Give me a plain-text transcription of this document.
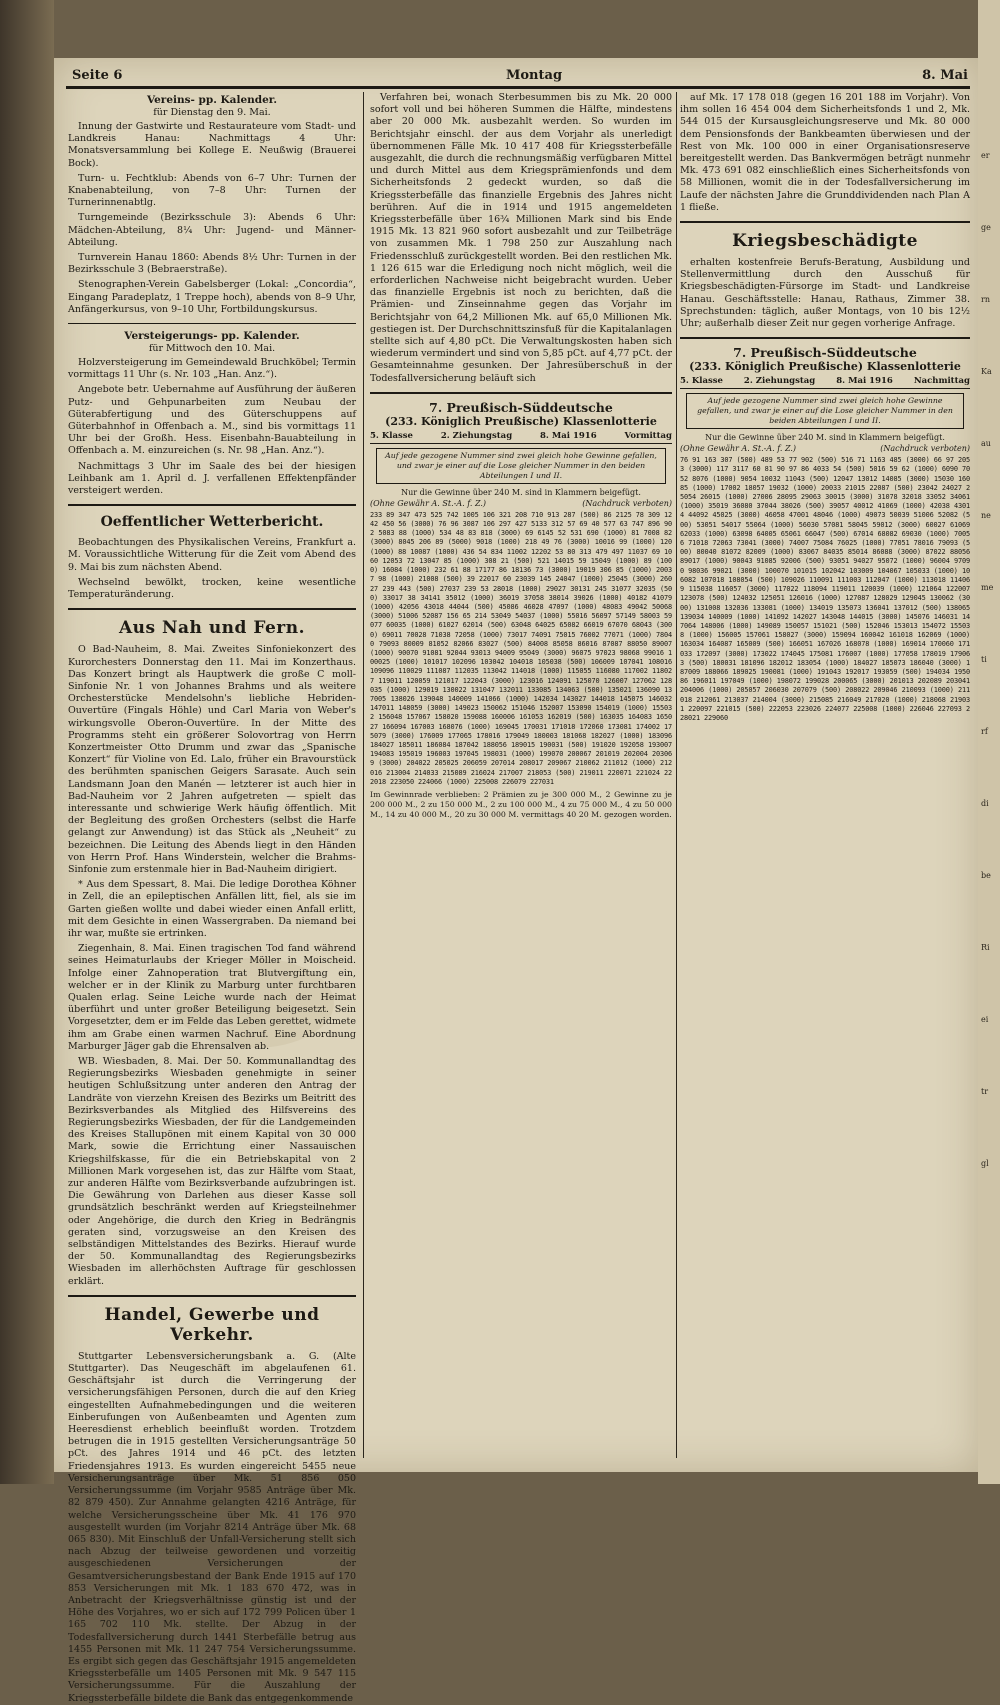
er
ge
rn
Ka
au
ne
me
ti
rf
di
be
Ri
ei
tr
gl
Seite 6	Montag	8. Mai
Vereins- pp. Kalender.
für Dienstag den 9. Mai.

Innung der Gastwirte und Restaurateure vom Stadt- und Landkreis Hanau: Nachmittags 4 Uhr: Monatsversammlung bei Kollege E. Neußwig (Brauerei Bock).

Turn- u. Fechtklub: Abends von 6–7 Uhr: Turnen der Knabenabteilung, von 7–8 Uhr: Turnen der Turnerinnenabtlg.

Turngemeinde (Bezirksschule 3): Abends 6 Uhr: Mädchen-Abteilung, 8¼ Uhr: Jugend- und Männer-Abteilung.

Turnverein Hanau 1860: Abends 8½ Uhr: Turnen in der Bezirksschule 3 (Bebraerstraße).

Stenographen-Verein Gabelsberger (Lokal: „Concordia“, Eingang Paradeplatz, 1 Treppe hoch), abends von 8–9 Uhr, Anfängerkursus, von 9–10 Uhr, Fortbildungskursus.

Versteigerungs- pp. Kalender.
für Mittwoch den 10. Mai.

Holzversteigerung im Gemeindewald Bruchköbel; Termin vormittags 11 Uhr (s. Nr. 103 „Han. Anz.“).

Angebote betr. Uebernahme auf Ausführung der äußeren Putz- und Gehpunarbeiten zum Neubau der Güterabfertigung und des Güterschuppens auf Güterbahnhof in Offenbach a. M., sind bis vormittags 11 Uhr bei der Großh. Hess. Eisenbahn-Bauabteilung in Offenbach a. M. einzureichen (s. Nr. 98 „Han. Anz.“).

Nachmittags 3 Uhr im Saale des bei der hiesigen Leihbank am 1. April d. J. verfallenen Effektenpfänder versteigert werden.

Oeffentlicher Wetterbericht.

Beobachtungen des Physikalischen Vereins, Frankfurt a. M. Voraussichtliche Witterung für die Zeit vom Abend des 9. Mai bis zum nächsten Abend.

Wechselnd bewölkt, trocken, keine wesentliche Temperaturänderung.

Aus Nah und Fern.

O Bad-Nauheim, 8. Mai. Zweites Sinfoniekonzert des Kurorchesters Donnerstag den 11. Mai im Konzerthaus. Das Konzert bringt als Hauptwerk die große C moll-Sinfonie Nr. 1 von Johannes Brahms und als weitere Orchesterstücke Mendelsohn's liebliche Hebriden-Ouvertüre (Fingals Höhle) und Carl Maria von Weber's wirkungsvolle Oberon-Ouvertüre. In der Mitte des Programms steht ein größerer Solovortrag von Herrn Konzertmeister Otto Drumm und zwar das „Spanische Konzert“ für Violine von Ed. Lalo, früher ein Bravourstück des berühmten spanischen Geigers Sarasate. Auch sein Landsmann Joan den Manén — letzterer ist auch hier in Bad-Nauheim vor 2 Jahren aufgetreten — spielt das interessante und schwierige Werk häufig öffentlich. Mit der Begleitung des großen Orchesters (selbst die Harfe gelangt zur Anwendung) ist das Stück als „Neuheit“ zu bezeichnen. Die Leitung des Abends liegt in den Händen von Herrn Prof. Hans Winderstein, welcher die Brahms-Sinfonie zum erstenmale hier in Bad-Nauheim dirigiert.

* Aus dem Spessart, 8. Mai. Die ledige Dorothea Köhner in Zell, die an epileptischen Anfällen litt, fiel, als sie im Garten gießen wollte und dabei wieder einen Anfall erlitt, mit dem Gesichte in einen Wassergraben. Da niemand bei ihr war, mußte sie ertrinken.

Ziegenhain, 8. Mai. Einen tragischen Tod fand während seines Heimaturlaubs der Krieger Möller in Moischeid. Infolge einer Zahnoperation trat Blutvergiftung ein, welcher er in der Klinik zu Marburg unter furchtbaren Qualen erlag. Seine Leiche wurde nach der Heimat überführt und unter großer Beteiligung beigesetzt. Sein Vorgesetzter, dem er im Felde das Leben gerettet, widmete ihm am Grabe einen warmen Nachruf. Eine Abordnung Marburger Jäger gab die Ehrensalven ab.

WB. Wiesbaden, 8. Mai. Der 50. Kommunallandtag des Regierungsbezirks Wiesbaden genehmigte in seiner heutigen Schlußsitzung unter anderen den Antrag der Landräte von vierzehn Kreisen des Bezirks um Beitritt des Bezirksverbandes als Mitglied des Hilfsvereins des Regierungsbezirks Wiesbaden, der für die Landgemeinden des Kreises Stallupönen mit einem Kapital von 30 000 Mark, sowie die Errichtung einer Nassauischen Kriegshilfskasse, für die ein Betriebskapital von 2 Millionen Mark vorgesehen ist, das zur Hälfte vom Staat, zur anderen Hälfte vom Bezirksverbande aufzubringen ist. Die Gewährung von Darlehen aus dieser Kasse soll grundsätzlich beschränkt werden auf Kriegsteilnehmer oder Angehörige, die durch den Krieg in Bedrängnis geraten sind, vorzugsweise an den Kreisen des selbständigen Mittelstandes des Bezirks. Hierauf wurde der 50. Kommunallandtag des Regierungsbezirks Wiesbaden im allerhöchsten Auftrage für geschlossen erklärt.

Handel, Gewerbe und Verkehr.

Stuttgarter Lebensversicherungsbank a. G. (Alte Stuttgarter). Das Neugeschäft im abgelaufenen 61. Geschäftsjahr ist durch die Verringerung der versicherungsfähigen Personen, durch die auf den Krieg eingestellten Aufnahmebedingungen und die weiteren Einberufungen von Außenbeamten und Agenten zum Heeresdienst erheblich beeinflußt worden. Trotzdem betrugen die in 1915 gestellten Versicherungsanträge 50 pCt. des Jahres 1914 und 46 pCt. des letzten Friedensjahres 1913. Es wurden eingereicht 5455 neue Versicherungsanträge über Mk. 51 856 050 Versicherungssumme (im Vorjahr 9585 Anträge über Mk. 82 879 450). Zur Annahme gelangten 4216 Anträge, für welche Versicherungsscheine über Mk. 41 176 970 ausgestellt wurden (im Vorjahr 8214 Anträge über Mk. 68 065 830). Mit Einschluß der Unfall-Versicherung stellt sich nach Abzug der teilweise gewordenen und vorzeitig ausgeschiedenen Versicherungen der Gesamtversicherungsbestand der Bank Ende 1915 auf 170 853 Versicherungen mit Mk. 1 183 670 472, was in Anbetracht der Kriegsverhältnisse günstig ist und der Höhe des Vorjahres, wo er sich auf 172 799 Policen über 1 165 702 110 Mk. stellte. Der Abzug in der Todesfallversicherung durch 1441 Sterbefälle betrug aus 1455 Personen mit Mk. 11 247 754 Versicherungssumme. Es ergibt sich gegen das Geschäftsjahr 1915 angemeldeten Kriegssterbefälle um 1405 Personen mit Mk. 9 547 115 Versicherungssumme. Für die Auszahlung der Kriegssterbefälle bildete die Bank das entgegenkommende

Verfahren bei, wonach Sterbesummen bis zu Mk. 20 000 sofort voll und bei höheren Summen die Hälfte, mindestens aber 20 000 Mk. ausbezahlt werden. So wurden im Berichtsjahr einschl. der aus dem Vorjahr als unerledigt übernommenen Fälle Mk. 10 417 408 für Kriegssterbefälle ausgezahlt, die durch die rechnungsmäßig verfügbaren Mittel und durch Mittel aus dem Kriegsprämienfonds und dem Sicherheitsfonds 2 gedeckt wurden, so daß die Kriegssterbefälle das finanzielle Ergebnis des Jahres nicht berühren. Auf die in 1914 und 1915 angemeldeten Kriegssterbefälle über 16¾ Millionen Mark sind bis Ende 1915 Mk. 13 821 960 sofort ausbezahlt und zur Teilbeträge von zusammen Mk. 1 798 250 zur Auszahlung nach Friedensschluß zurückgestellt worden. Bei den restlichen Mk. 1 126 615 war die Erledigung noch nicht möglich, weil die erforderlichen Nachweise nicht beigebracht wurden. Ueber das finanzielle Ergebnis ist noch zu berichten, daß die Prämien- und Zinseinnahme gegen das Vorjahr im Berichtsjahr von 64,2 Millionen Mk. auf 65,0 Millionen Mk. gestiegen ist. Der Durchschnittszinsfuß für die Kapitalanlagen stellte sich auf 4,80 pCt. Die Verwaltungskosten haben sich wiederum vermindert und sind von 5,85 pCt. auf 4,77 pCt. der Gesamteinnahme gesunken. Der Jahresüberschuß in der Todesfallversicherung beläuft sich

7. Preußisch-Süddeutsche
(233. Königlich Preußische) Klassenlotterie
5. Klasse	2. Ziehungstag	8. Mai 1916	Vormittag
Auf jede gezogene Nummer sind zwei gleich hohe Gewinne gefallen, und zwar je einer auf die Lose gleicher Nummer in den beiden Abteilungen I und II.
Nur die Gewinne über 240 M. sind in Klammern beigefügt.
(Ohne Gewähr A. St.-A. f. Z.)	(Nachdruck verboten)
233 89 347 473 525 742 1005 106 321 208 710 913 287 (500) 86 2125 78 309 12 42 450 56 (3000) 76 96 3087 106 297 427 5133 312 57 69 40 577 63 747 896 902 5083 88 (1000) 534 48 83 818 (3000) 69 6145 52 531 690 (1000) 81 7008 82 (3000) 8045 206 89 (5000) 9018 (1000) 218 49 76 (3000) 10016 99 (1000) 120 (1000) 88 10087 (1000) 436 54 834 11002 12202 53 80 313 479 497 11037 69 1060 12053 72 13047 85 (1000) 308 21 (500) 521 14015 59 15049 (1000) 89 (1000) 16084 (1000) 232 61 88 17177 86 18136 73 (3000) 19019 306 85 (1000) 20037 98 (1000) 21008 (500) 39 22017 60 23039 145 24047 (1000) 25045 (3000) 26027 239 443 (500) 27037 239 53 28018 (1000) 29027 30131 245 31077 32035 (500) 33017 38 34141 35012 (1000) 36019 37058 38014 39026 (1000) 40182 41079 (1000) 42056 43018 44044 (500) 45086 46028 47097 (1000) 48083 49042 50068 (3000) 51006 52087 156 65 214 53049 54037 (1000) 55016 56097 57149 58003 59077 60035 (1000) 61027 62014 (500) 63048 64025 65082 66019 67070 68043 (3000) 69011 70028 71038 72058 (1000) 73017 74091 75015 76002 77071 (1000) 78040 79093 80009 81052 82066 83027 (500) 84008 85058 86016 87087 88050 89007 (1000) 90070 91081 92044 93013 94009 95049 (3000) 96075 97023 98068 99016 100025 (1000) 101017 102096 103042 104018 105038 (500) 106009 107041 108016 109096 110029 111087 112035 113042 114018 (1000) 115055 116080 117002 118027 119011 120059 121017 122043 (3000) 123016 124091 125070 126007 127062 128035 (1000) 129019 130022 131047 132011 133085 134063 (500) 135021 136090 137005 138026 139048 140009 141066 (1000) 142034 143027 144018 145075 146032 147011 148059 (3000) 149023 150062 151046 152007 153090 154019 (1000) 155032 156048 157067 158020 159088 160006 161053 162019 (500) 163035 164083 165027 166094 167003 168076 (1000) 169045 170031 171018 172060 173081 174002 175079 (3000) 176009 177065 178016 179049 180003 181068 182027 (1000) 183096 184027 185011 186084 187042 188056 189015 190031 (500) 191020 192058 193007 194083 195019 196003 197045 198031 (1000) 199070 200067 201019 202004 203069 (3000) 204022 205025 206059 207014 208017 209067 210062 211012 (1000) 212016 213004 214033 215089 216024 217007 218053 (500) 219011 220071 221024 222018 223050 224066 (1000) 225008 226079 227031
Im Gewinnrade verblieben: 2 Prämien zu je 300 000 M., 2 Gewinne zu je 200 000 M., 2 zu 150 000 M., 2 zu 100 000 M., 4 zu 75 000 M., 4 zu 50 000 M., 14 zu 40 000 M., 20 zu 30 000 M. vermittags 40 20 M. gezogen worden.

auf Mk. 17 178 018 (gegen 16 201 188 im Vorjahr). Von ihm sollen 16 454 004 dem Sicherheitsfonds 1 und 2, Mk. 544 015 der Kursausgleichungsreserve und Mk. 80 000 dem Pensionsfonds der Bankbeamten überwiesen und der Rest von Mk. 100 000 in einer Organisationsreserve bereitgestellt werden. Das Bankvermögen beträgt nunmehr Mk. 473 691 082 einschließlich eines Sicherheitsfonds von 58 Millionen, womit die in der Todesfallversicherung im Laufe der nächsten Jahre die Grunddividenden nach Plan A 1 fließe.

Kriegsbeschädigte

erhalten kostenfreie Berufs-Beratung, Ausbildung und Stellenvermittlung durch den Ausschuß für Kriegsbeschädigten-Fürsorge im Stadt- und Landkreise Hanau. Geschäftsstelle: Hanau, Rathaus, Zimmer 38. Sprechstunden: täglich, außer Montags, von 10 bis 12½ Uhr; außerhalb dieser Zeit nur gegen vorherige Anfrage.

7. Preußisch-Süddeutsche
(233. Königlich Preußische) Klassenlotterie
5. Klasse 2. Ziehungstag 8. Mai 1916 Nachmittag
Auf jede gezogene Nummer sind zwei gleich hohe Gewinne gefallen, und zwar je einer auf die Lose gleicher Nummer in den beiden Abteilungen I und II.
Nur die Gewinne über 240 M. sind in Klammern beigefügt.
(Ohne Gewähr A. St.-A. f. Z.)	(Nachdruck verboten)
76 91 163 307 (500) 489 53 77 902 (500) 516 71 1163 485 (3000) 66 97 2053 (3000) 117 3117 60 81 90 97 86 4033 54 (500) 5016 59 62 (1000) 6090 7052 8076 (1000) 9054 10032 11043 (500) 12047 13012 14085 (3000) 15030 16085 (1000) 17002 18057 19032 (1000) 20033 21015 22087 (500) 23042 24027 25054 26015 (1000) 27006 28095 29063 30015 (3000) 31078 32018 33052 34061 (1000) 35019 36080 37044 38026 (500) 39057 40012 41069 (1000) 42038 43014 44092 45025 (3000) 46058 47001 48046 (1000) 49073 50039 51006 52082 (500) 53051 54017 55064 (1000) 56030 57081 58045 59012 (3000) 60027 61069 62033 (1000) 63098 64005 65061 66047 (500) 67014 68082 69030 (1000) 70056 71018 72063 73041 (3000) 74007 75084 76025 (1000) 77051 78016 79093 (500) 80040 81072 82009 (1000) 83067 84035 85014 86088 (3000) 87022 88056 89017 (1000) 90043 91085 92006 (500) 93051 94027 95072 (1000) 96004 97090 98036 99021 (3000) 100070 101015 102042 103009 104067 105033 (1000) 106082 107018 108054 (500) 109026 110091 111003 112047 (1000) 113018 114069 115038 116057 (3000) 117022 118094 119011 120039 (1000) 121064 122007 123078 (500) 124032 125051 126016 (1000) 127087 128029 129045 130062 (3000) 131008 132036 133081 (1000) 134019 135073 136041 137012 (500) 138065 139034 140009 (1000) 141092 142027 143048 144015 (3000) 145076 146031 147064 148006 (1000) 149089 150057 151021 (500) 152046 153013 154072 155038 (1000) 156005 157061 158027 (3000) 159094 160042 161018 162069 (1000) 163034 164087 165009 (500) 166051 167026 168078 (1000) 169014 170060 171033 172097 (3000) 173022 174045 175081 176007 (1000) 177058 178019 179063 (500) 180031 181096 182012 183054 (1000) 184027 185073 186040 (3000) 187009 188066 189025 190081 (1000) 191043 192017 193059 (500) 194034 195086 196011 197049 (1000) 198072 199028 200065 (3000) 201013 202089 203041 204006 (1000) 205057 206030 207079 (500) 208022 209046 210093 (1000) 211018 212061 213037 214004 (3000) 215085 216049 217020 (1000) 218068 219031 220097 221015 (500) 222053 223026 224077 225008 (1000) 226046 227093 228021 229060
